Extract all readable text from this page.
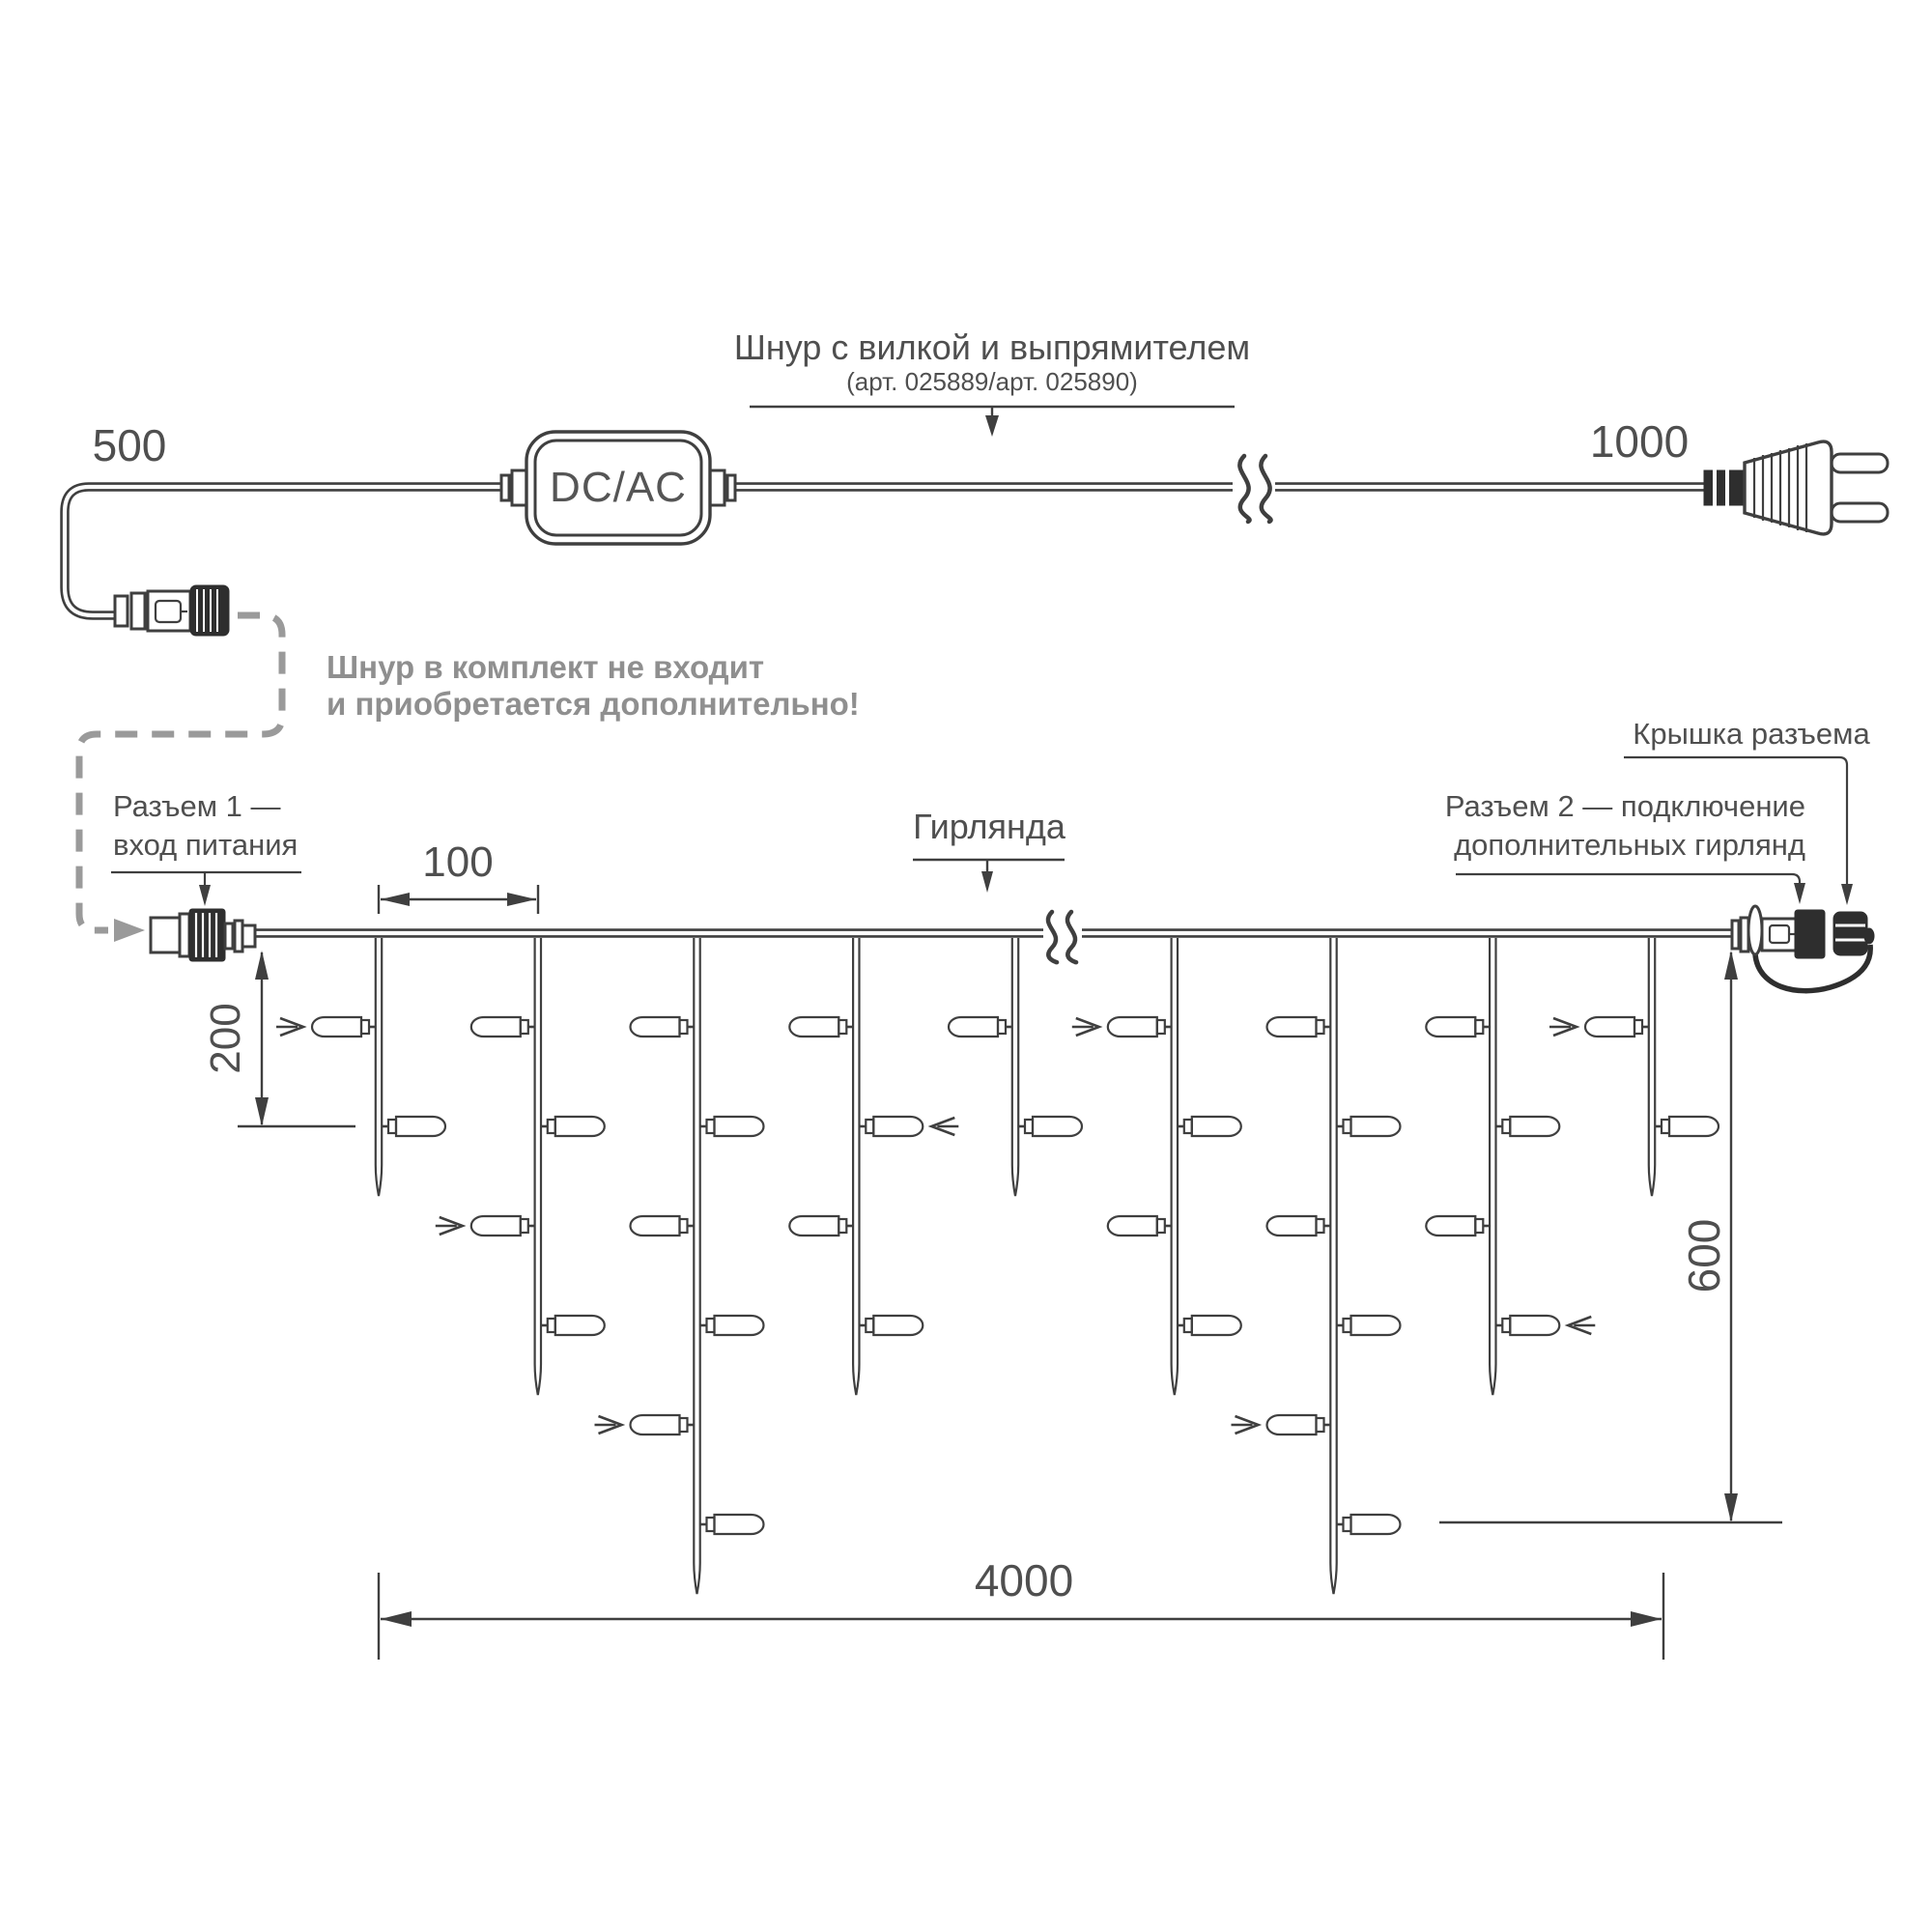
DC/AC
500	1000
Шнур с вилкой и выпрямителем
(арт. 025889/арт. 025890)
Шнур в комплект не входит
и приобретается дополнительно!
Гирлянда
Разъем 1 —
вход питания
Разъем 2 — подключение
дополнительных гирлянд
Крышка разъема
100
200
600
4000
